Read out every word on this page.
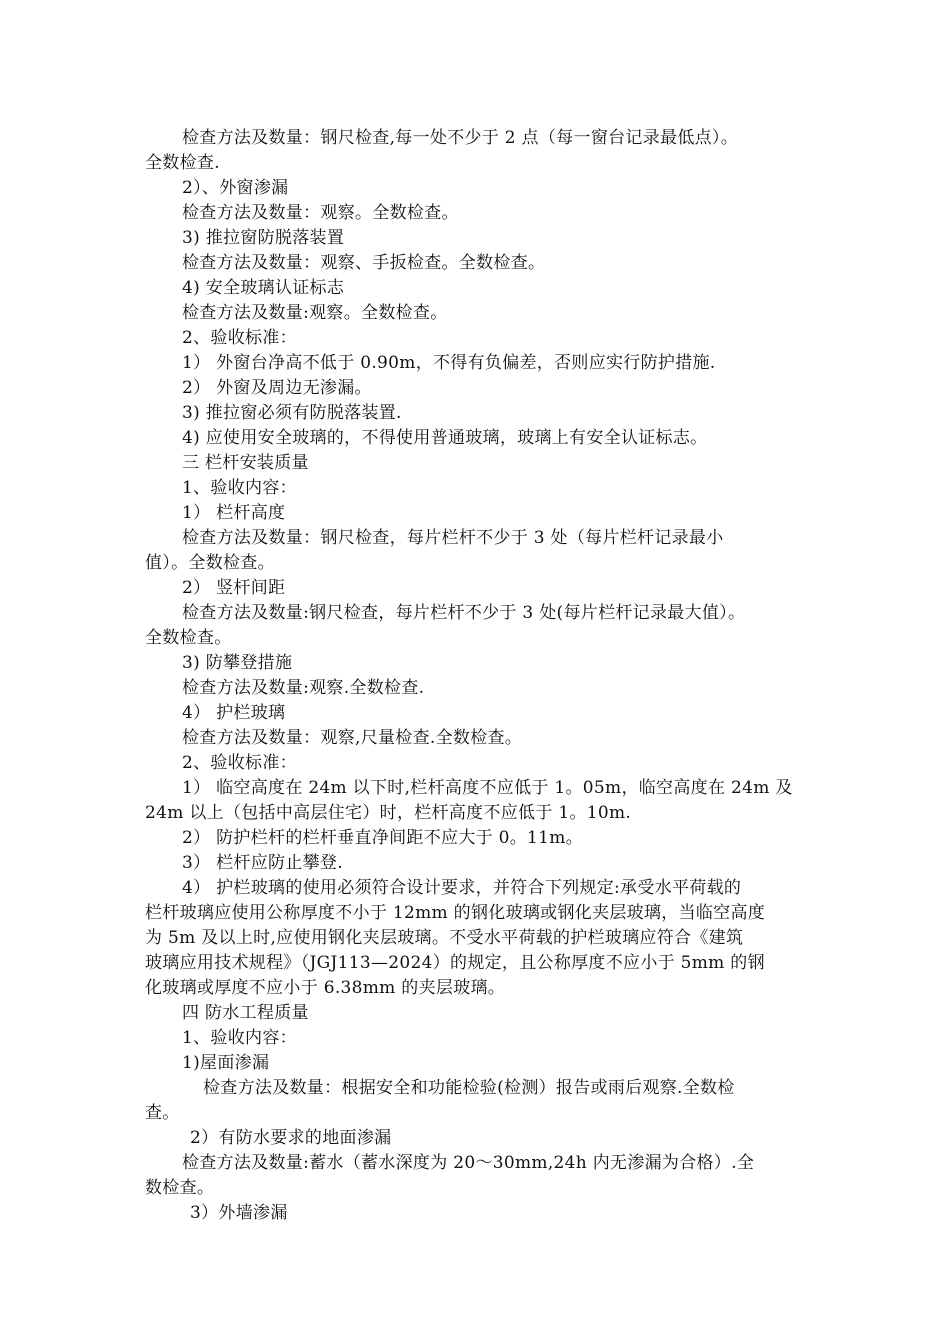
检查方法及数量：钢尺检查,每一处不少于 2 点（每一窗台记录最低点）。
全数检查.
2）、外窗渗漏
检查方法及数量：观察。全数检查。
3) 推拉窗防脱落装置
检查方法及数量：观察、手扳检查。全数检查。
4) 安全玻璃认证标志
检查方法及数量:观察。全数检查。
2、验收标准：
1） 外窗台净高不低于 0.90m，不得有负偏差，否则应实行防护措施.
2） 外窗及周边无渗漏。
3) 推拉窗必须有防脱落装置.
4) 应使用安全玻璃的，不得使用普通玻璃，玻璃上有安全认证标志。
三 栏杆安装质量
1、验收内容：
1） 栏杆高度
检查方法及数量：钢尺检查，每片栏杆不少于 3 处（每片栏杆记录最小
值）。全数检查。
2） 竖杆间距
检查方法及数量:钢尺检查，每片栏杆不少于 3 处(每片栏杆记录最大值）。
全数检查。
3) 防攀登措施
检查方法及数量:观察.全数检查.
4） 护栏玻璃
检查方法及数量：观察,尺量检查.全数检查。
2、验收标准：
1） 临空高度在 24m 以下时,栏杆高度不应低于 1。05m，临空高度在 24m 及
24m 以上（包括中高层住宅）时，栏杆高度不应低于 1。10m.
2） 防护栏杆的栏杆垂直净间距不应大于 0。11m。
3） 栏杆应防止攀登.
4） 护栏玻璃的使用必须符合设计要求，并符合下列规定:承受水平荷载的
栏杆玻璃应使用公称厚度不小于 12mm 的钢化玻璃或钢化夹层玻璃，当临空高度
为 5m 及以上时,应使用钢化夹层玻璃。不受水平荷载的护栏玻璃应符合《建筑
玻璃应用技术规程》（JGJ113—2024）的规定，且公称厚度不应小于 5mm 的钢
化玻璃或厚度不应小于 6.38mm 的夹层玻璃。
四 防水工程质量
1、验收内容：
1)屋面渗漏
检查方法及数量：根据安全和功能检验(检测）报告或雨后观察.全数检
查。
2）有防水要求的地面渗漏
检查方法及数量:蓄水（蓄水深度为 20～30mm,24h 内无渗漏为合格）.全
数检查。
3）外墙渗漏
